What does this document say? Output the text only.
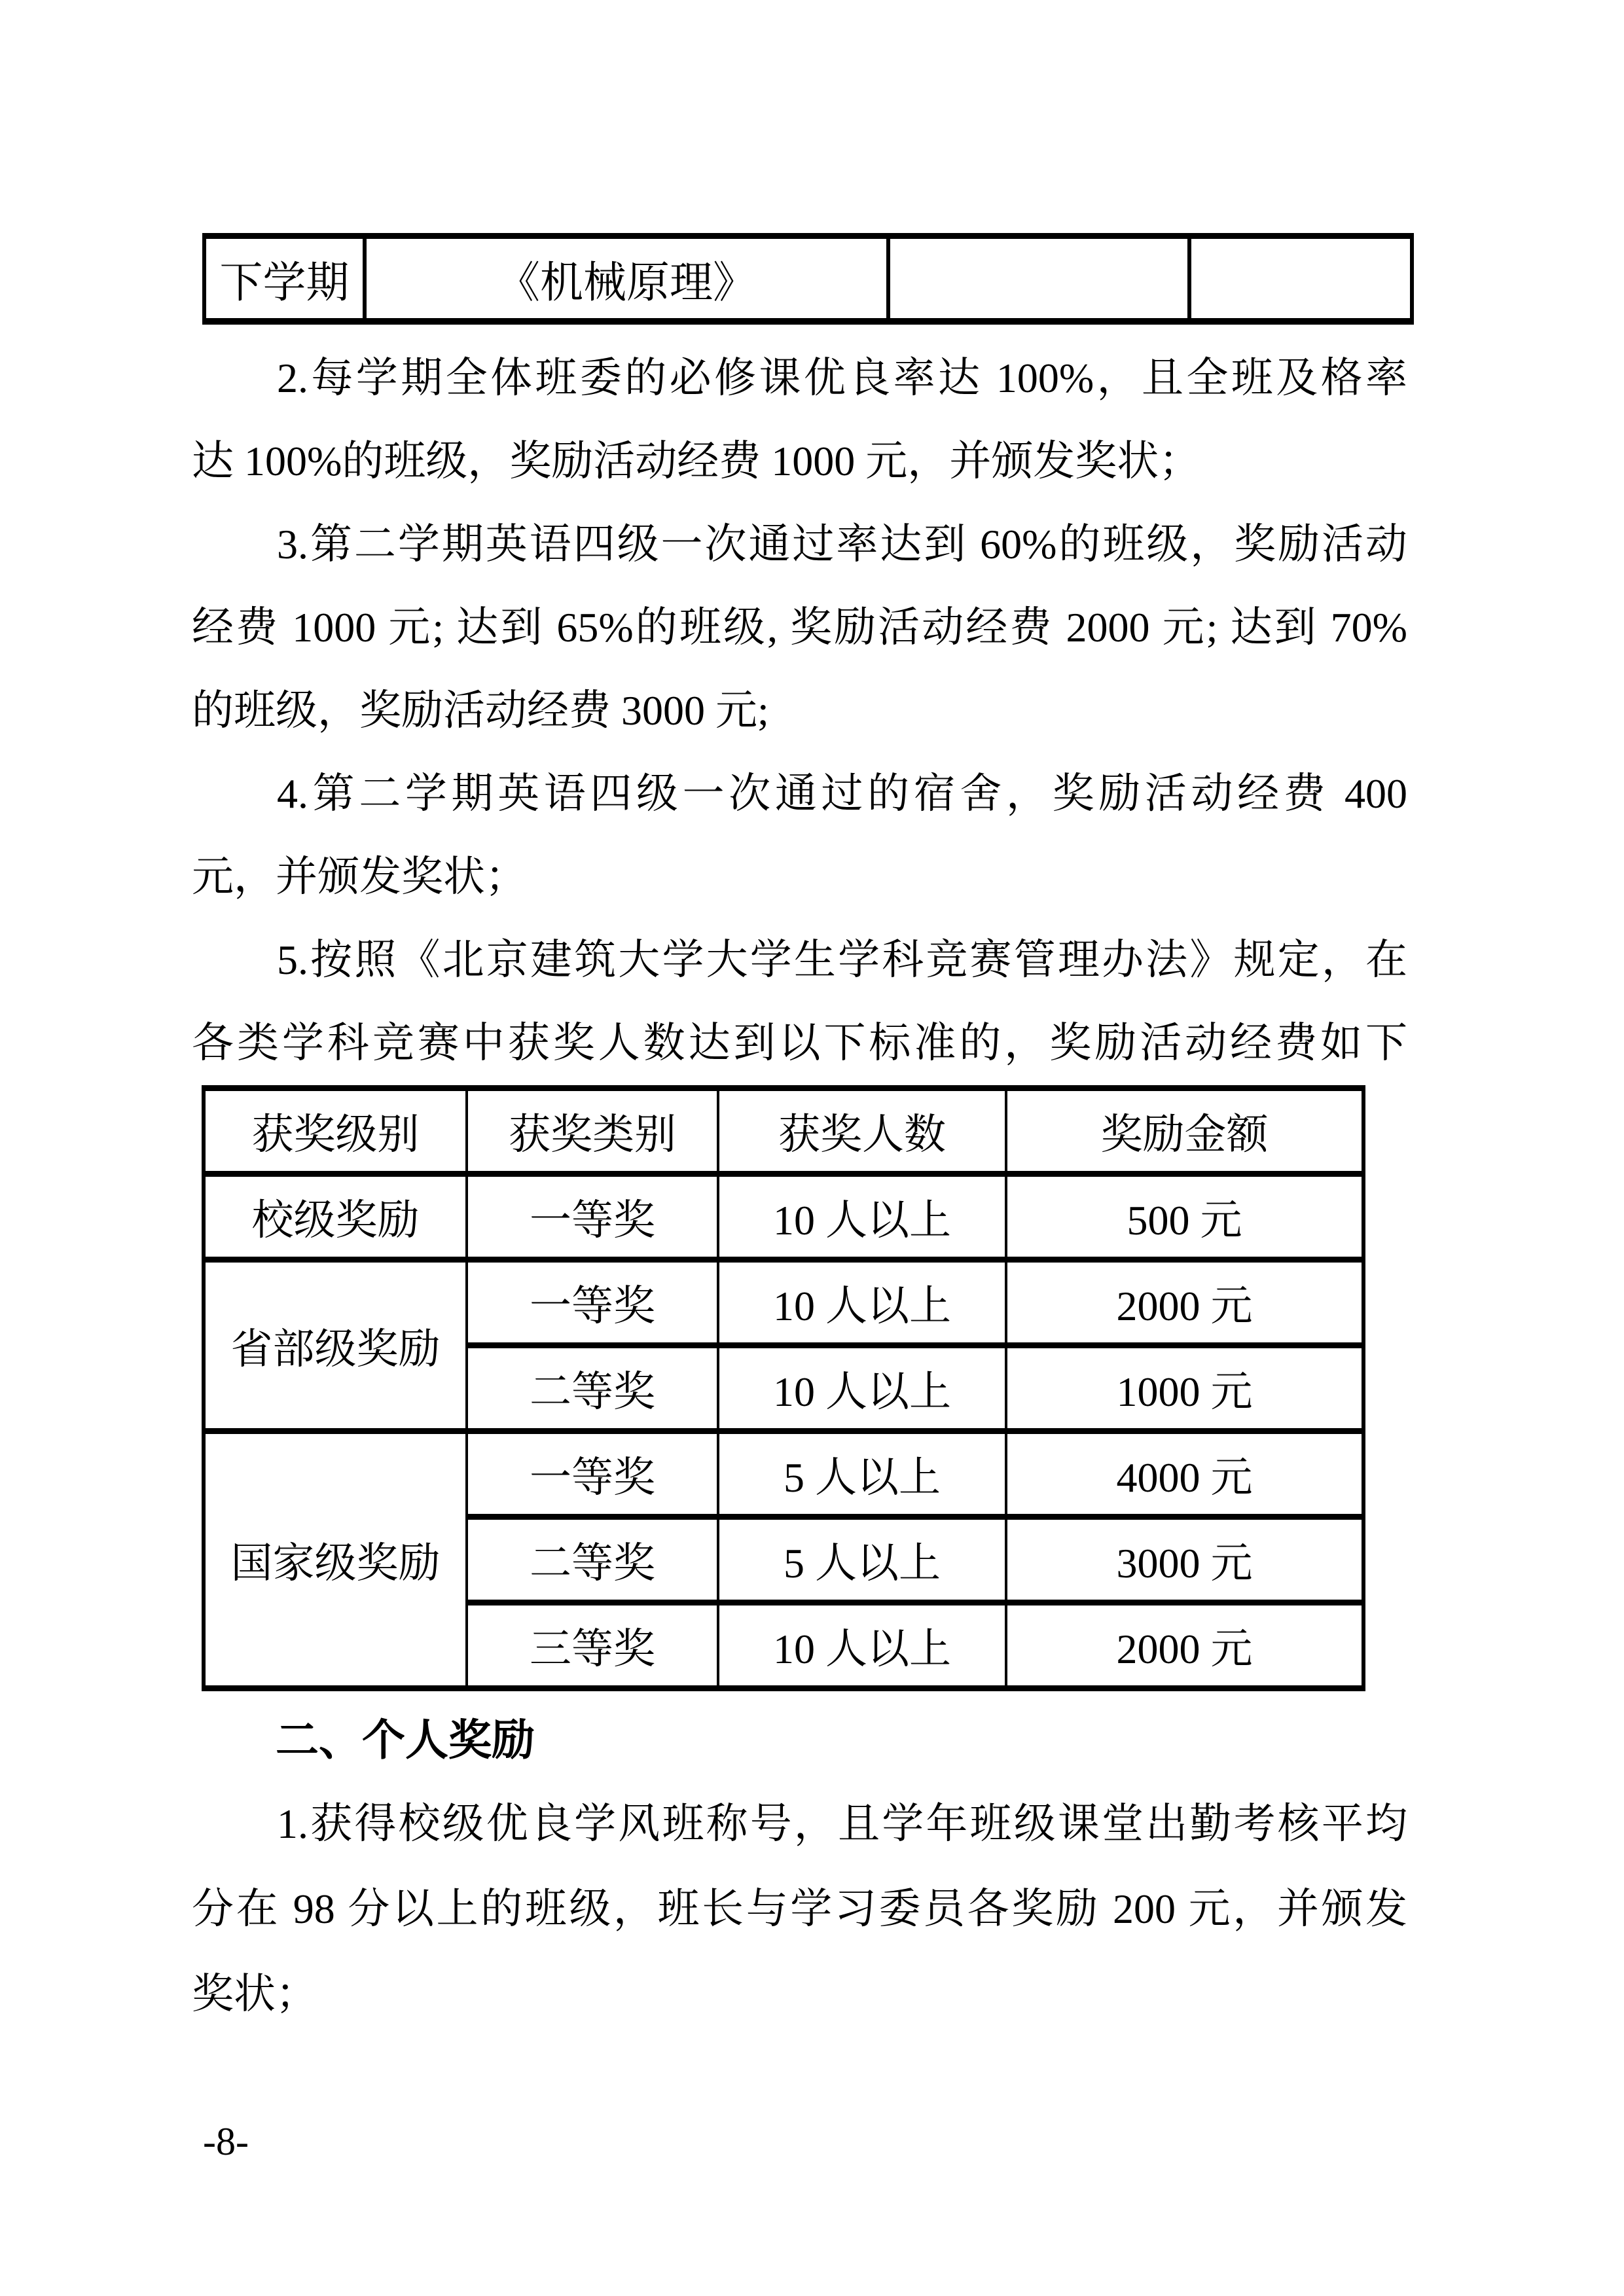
下学期	《机械原理》		
2.每学期全体班委的必修课优良率达 100%，且全班及格率
达 100%的班级，奖励活动经费 1000 元，并颁发奖状；
3.第二学期英语四级一次通过率达到 60%的班级，奖励活动
经费 1000 元; 达到 65%的班级, 奖励活动经费 2000 元; 达到 70%
的班级，奖励活动经费 3000 元;
4.第二学期英语四级一次通过的宿舍，奖励活动经费 400
元，并颁发奖状；
5.按照《北京建筑大学大学生学科竞赛管理办法》规定，在
各类学科竞赛中获奖人数达到以下标准的，奖励活动经费如下
获奖级别	获奖类别	获奖人数	奖励金额
校级奖励	一等奖	10 人以上	500 元
省部级奖励	一等奖	10 人以上	2000 元
	二等奖	10 人以上	1000 元
国家级奖励	一等奖	5 人以上	4000 元
	二等奖	5 人以上	3000 元
	三等奖	10 人以上	2000 元
二、个人奖励
1.获得校级优良学风班称号，且学年班级课堂出勤考核平均
分在 98 分以上的班级，班长与学习委员各奖励 200 元，并颁发
奖状；
-8-
